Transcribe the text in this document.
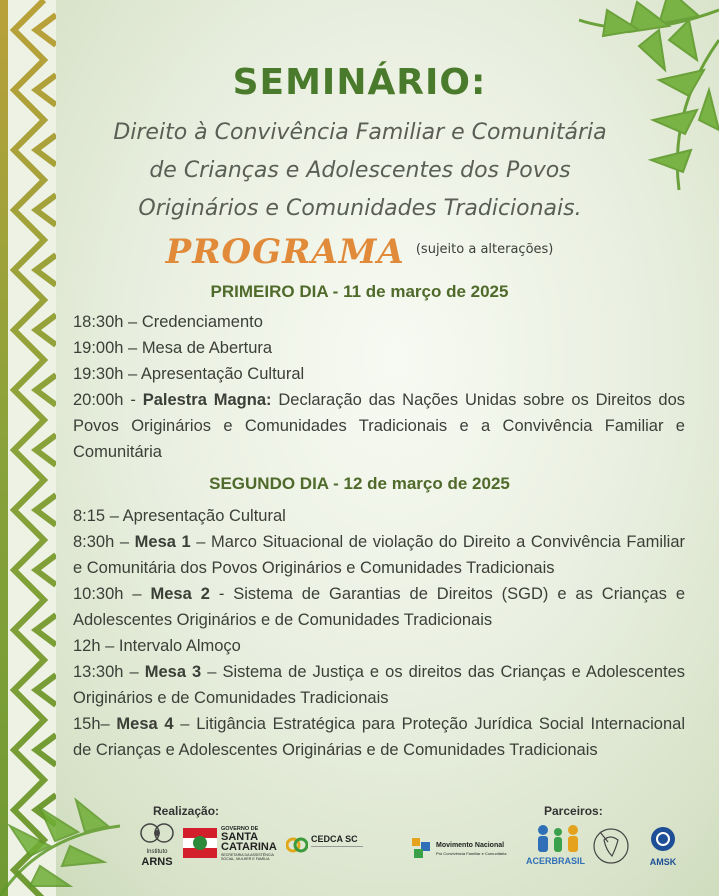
SEMINÁRIO:
Direito à Convivência Familiar e Comunitária
de Crianças e Adolescentes dos Povos
Originários e Comunidades Tradicionais.
PROGRAMA $^{(sujeito a alterações)}$
PRIMEIRO DIA - 11 de março de 2025

18:30h – Credenciamento

19:00h – Mesa de Abertura

19:30h – Apresentação Cultural

20:00h - Palestra Magna: Declaração das Nações Unidas sobre os Direitos dos Povos Originários e Comunidades Tradicionais e a Convivência Familiar e Comunitária

SEGUNDO DIA - 12 de março de 2025

8:15 – Apresentação Cultural

8:30h – Mesa 1 – Marco Situacional de violação do Direito a Convivência Familiar e Comunitária dos Povos Originários e Comunidades Tradicionais

10:30h – Mesa 2 - Sistema de Garantias de Direitos (SGD) e as Crianças e Adolescentes Originários e de Comunidades Tradicionais

12h – Intervalo Almoço

13:30h – Mesa 3 – Sistema de Justiça e os direitos das Crianças e Adolescentes Originários e de Comunidades Tradicionais

15h– Mesa 4 – Litigância Estratégica para Proteção Jurídica Social Internacional de Crianças e Adolescentes Originárias e de Comunidades Tradicionais

Realização:	Parceiros:
Instituto
ARNS
GOVERNO DE
SANTA
CATARINA
SECRETARIA DA ASSISTÊNCIA SOCIAL, MULHER E FAMÍLIA
CEDCA SC
Movimento Nacional
Pró Convivência Familiar e Comunitária
ACERBRASIL	AMSK
